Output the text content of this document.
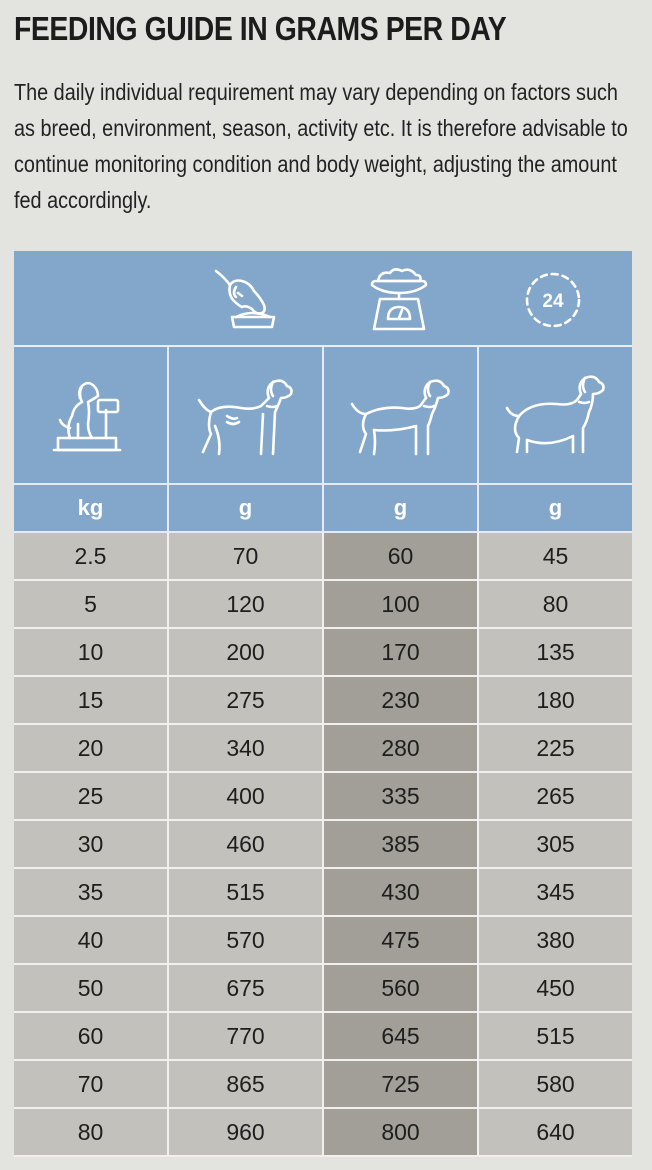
FEEDING GUIDE IN GRAMS PER DAY
The daily individual requirement may vary depending on factors such
as breed, environment, season, activity etc. It is therefore advisable to
continue monitoring condition and body weight, adjusting the amount
fed accordingly.
g
24
kg	g	g	g
2.5	70	60	45
5	120	100	80
10	200	170	135
15	275	230	180
20	340	280	225
25	400	335	265
30	460	385	305
35	515	430	345
40	570	475	380
50	675	560	450
60	770	645	515
70	865	725	580
80	960	800	640
